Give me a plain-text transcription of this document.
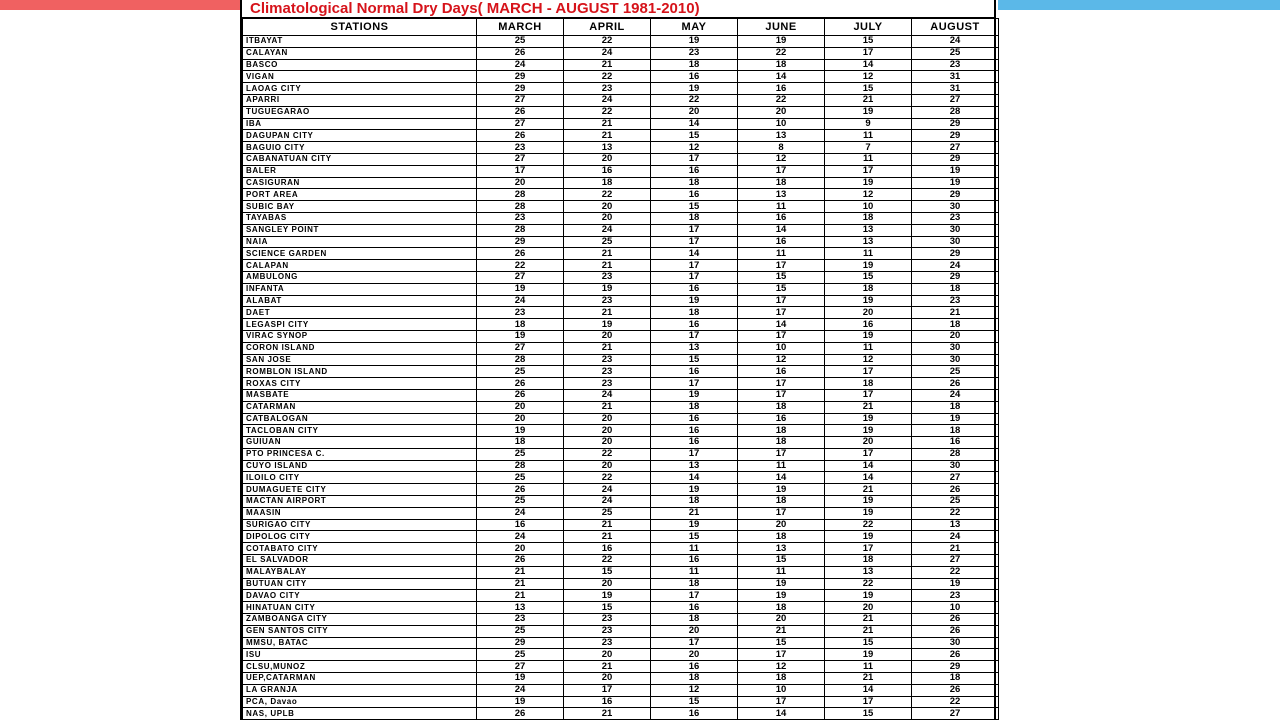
Climatological Normal Dry Days( MARCH - AUGUST 1981-2010)
STATIONS	MARCH	APRIL	MAY	JUNE	JULY	AUGUST
ITBAYAT	25	22	19	19	15	24
CALAYAN	26	24	23	22	17	25
BASCO	24	21	18	18	14	23
VIGAN	29	22	16	14	12	31
LAOAG CITY	29	23	19	16	15	31
APARRI	27	24	22	22	21	27
TUGUEGARAO	26	22	20	20	19	28
IBA	27	21	14	10	9	29
DAGUPAN CITY	26	21	15	13	11	29
BAGUIO CITY	23	13	12	8	7	27
CABANATUAN CITY	27	20	17	12	11	29
BALER	17	16	16	17	17	19
CASIGURAN	20	18	18	18	19	19
PORT AREA	28	22	16	13	12	29
SUBIC BAY	28	20	15	11	10	30
TAYABAS	23	20	18	16	18	23
SANGLEY POINT	28	24	17	14	13	30
NAIA	29	25	17	16	13	30
SCIENCE GARDEN	26	21	14	11	11	29
CALAPAN	22	21	17	17	19	24
AMBULONG	27	23	17	15	15	29
INFANTA	19	19	16	15	18	18
ALABAT	24	23	19	17	19	23
DAET	23	21	18	17	20	21
LEGASPI CITY	18	19	16	14	16	18
VIRAC SYNOP	19	20	17	17	19	20
CORON ISLAND	27	21	13	10	11	30
SAN JOSE	28	23	15	12	12	30
ROMBLON ISLAND	25	23	16	16	17	25
ROXAS CITY	26	23	17	17	18	26
MASBATE	26	24	19	17	17	24
CATARMAN	20	21	18	18	21	18
CATBALOGAN	20	20	16	16	19	19
TACLOBAN CITY	19	20	16	18	19	18
GUIUAN	18	20	16	18	20	16
PTO PRINCESA C.	25	22	17	17	17	28
CUYO ISLAND	28	20	13	11	14	30
ILOILO CITY	25	22	14	14	14	27
DUMAGUETE CITY	26	24	19	19	21	26
MACTAN AIRPORT	25	24	18	18	19	25
MAASIN	24	25	21	17	19	22
SURIGAO CITY	16	21	19	20	22	13
DIPOLOG CITY	24	21	15	18	19	24
COTABATO CITY	20	16	11	13	17	21
EL SALVADOR	26	22	16	15	18	27
MALAYBALAY	21	15	11	11	13	22
BUTUAN CITY	21	20	18	19	22	19
DAVAO CITY	21	19	17	19	19	23
HINATUAN CITY	13	15	16	18	20	10
ZAMBOANGA CITY	23	23	18	20	21	26
GEN SANTOS CITY	25	23	20	21	21	26
MMSU, BATAC	29	23	17	15	15	30
ISU	25	20	20	17	19	26
CLSU,MUNOZ	27	21	16	12	11	29
UEP,CATARMAN	19	20	18	18	21	18
LA GRANJA	24	17	12	10	14	26
PCA, Davao	19	16	15	17	17	22
NAS, UPLB	26	21	16	14	15	27
